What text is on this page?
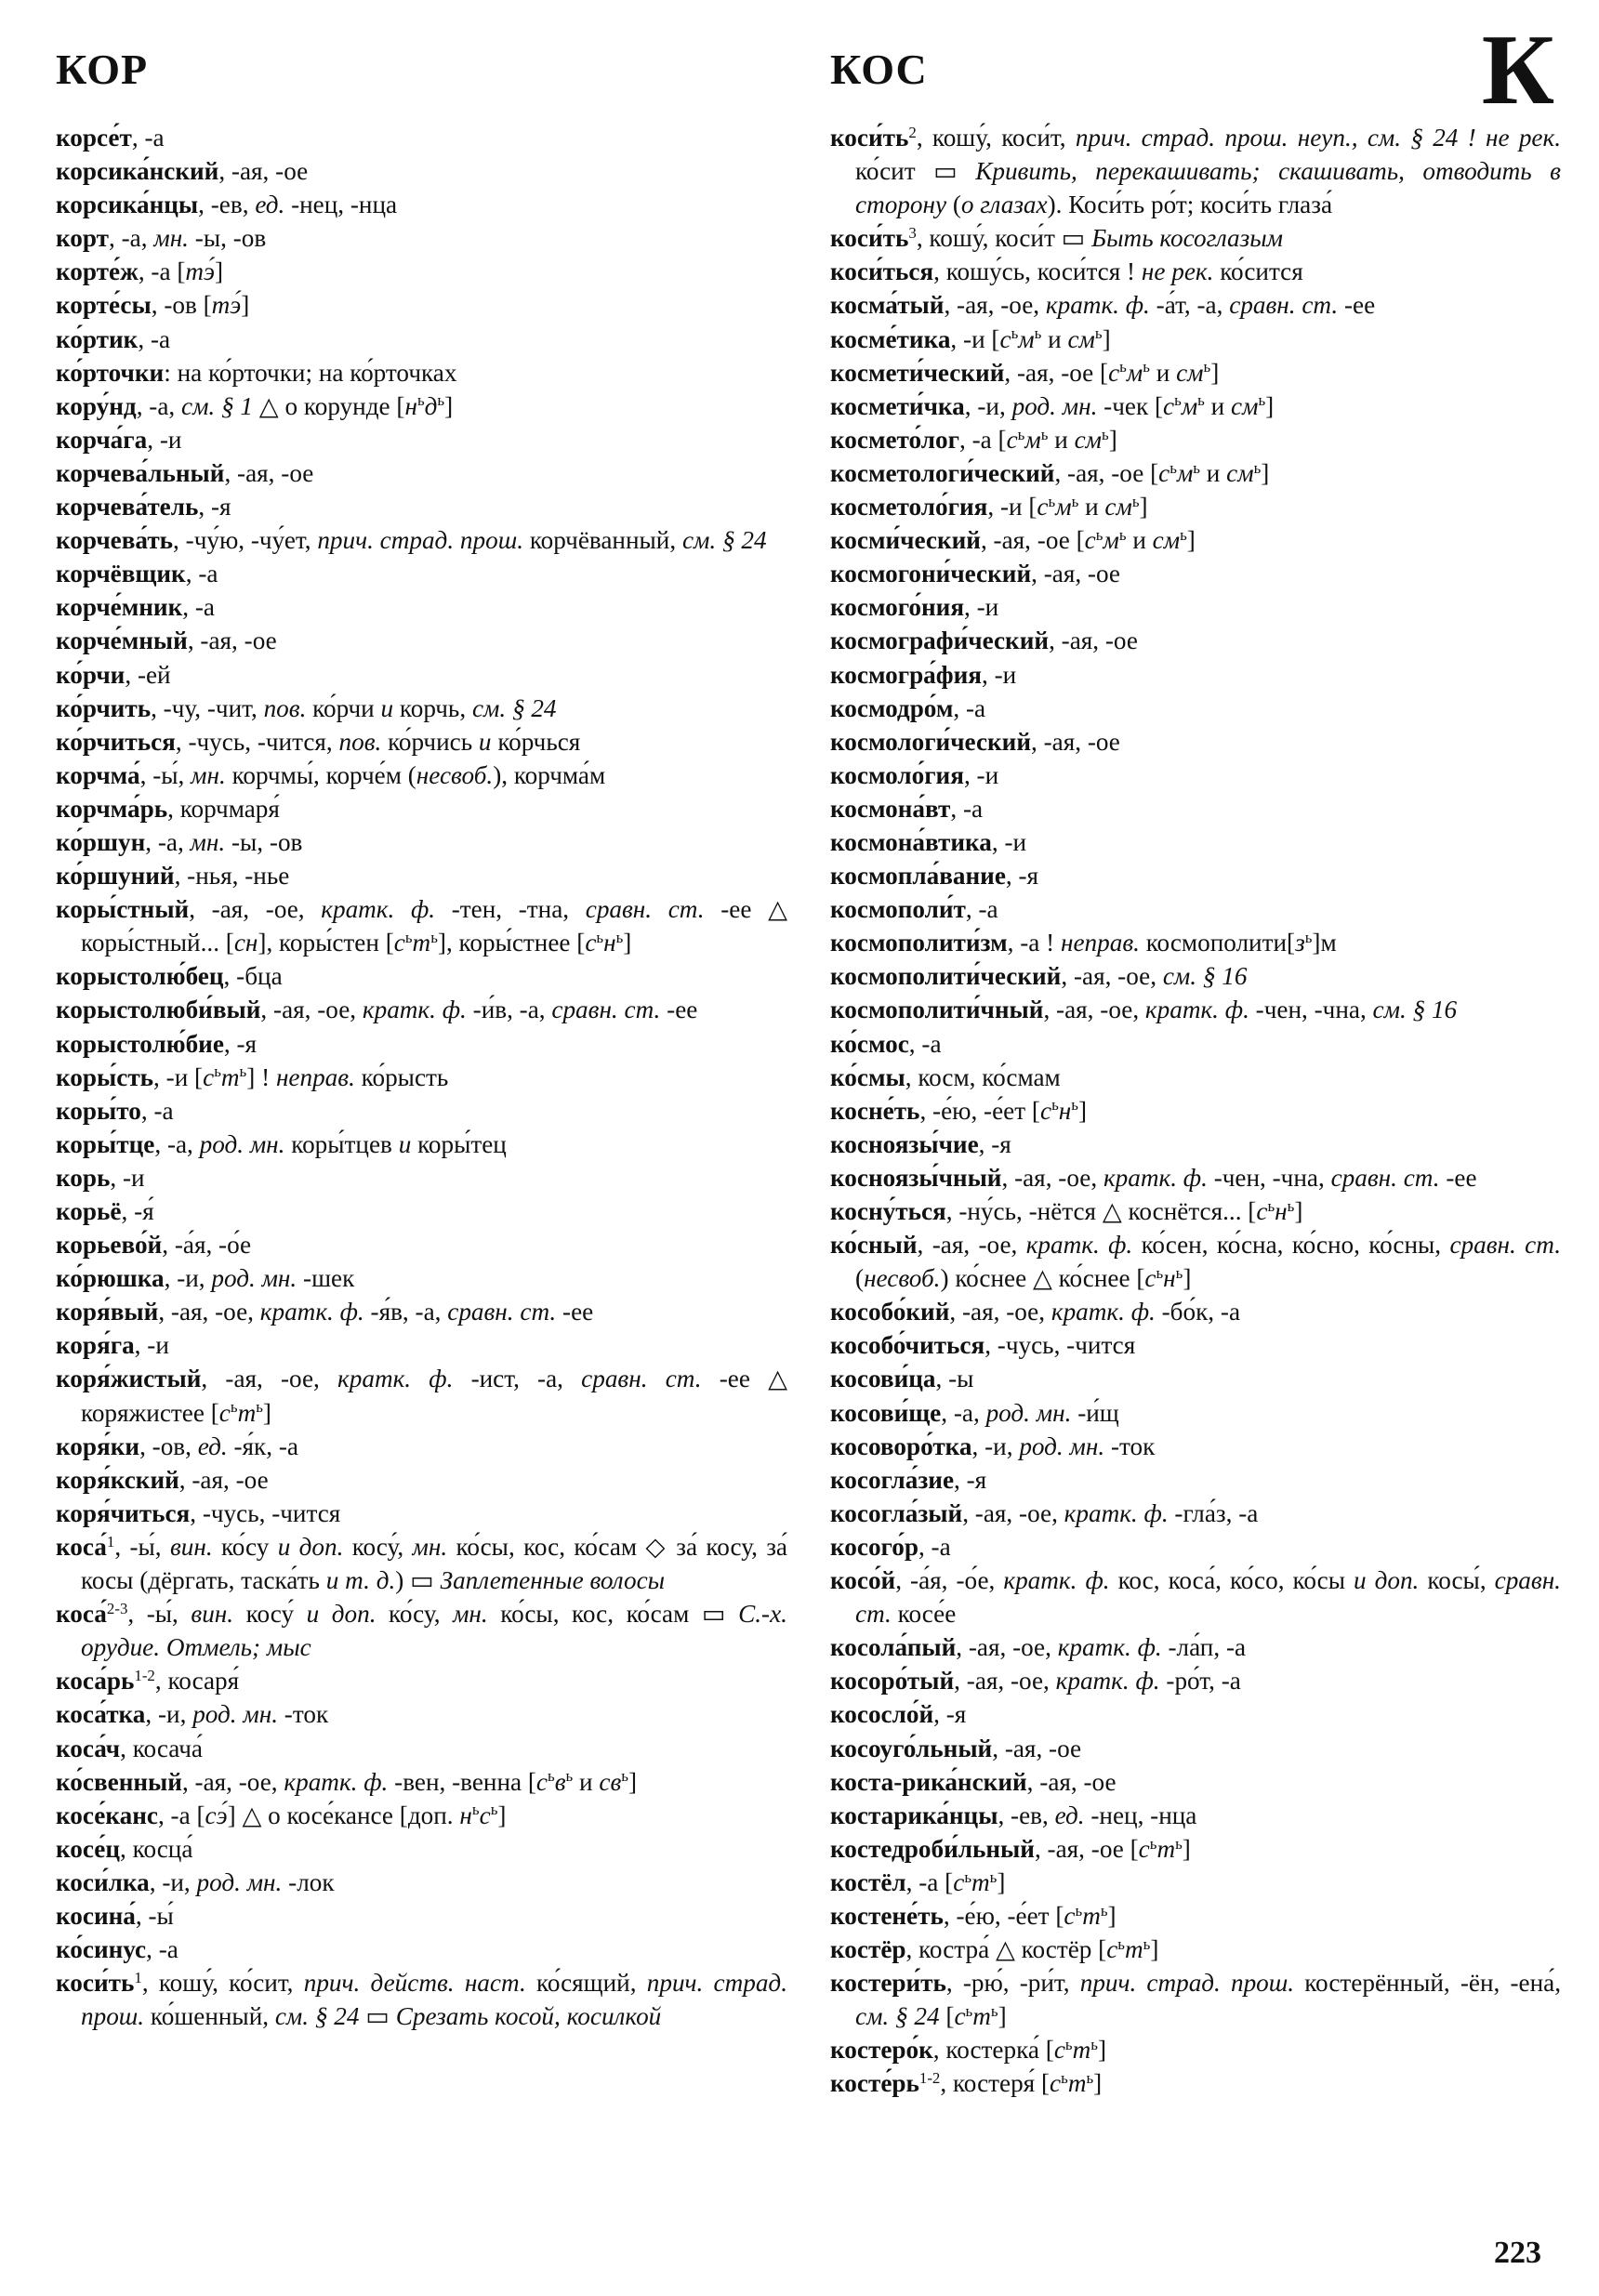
КОР	КОС	К

корсе́т, -а

корсика́нский, -ая, -ое

корсика́нцы, -ев, ед. -нец, -нца

корт, -а, мн. -ы, -ов

корте́ж, -а [тэ́]

корте́сы, -ов [тэ́]

ко́ртик, -а

ко́рточки: на ко́рточки; на ко́рточках

кору́нд, -а, см. § 1 △ о корунде $[н^ьд^ь]$

корча́га, -и

корчева́льный, -ая, -ое

корчева́тель, -я

корчева́ть, -чу́ю, -чу́ет, прич. страд. прош. корчёванный, см. § 24

корчёвщик, -а

корче́мник, -а

корче́мный, -ая, -ое

ко́рчи, -ей

ко́рчить, -чу, -чит, пов. ко́рчи и корчь, см. § 24

ко́рчиться, -чусь, -чится, пов. ко́рчись и ко́рчься

корчма́, -ы́, мн. корчмы́, корче́м (несвоб.), корчма́м

корчма́рь, корчмаря́

ко́ршун, -а, мн. -ы, -ов

ко́ршуний, -нья, -нье

коры́стный, -ая, -ое, кратк. ф. -тен, -тна, сравн. ст. -ее △ коры́стный... [сн], коры́стен $[с^ьт^ь]$, коры́стнее $[с^ьн^ь]$

корыстолю́бец, -бца

корыстолюби́вый, -ая, -ое, кратк. ф. -и́в, -а, сравн. ст. -ее

корыстолю́бие, -я

коры́сть, -и $[с^ьт^ь]$ ! неправ. ко́рысть

коры́то, -а

коры́тце, -а, род. мн. коры́тцев и коры́тец

корь, -и

корьё, -я́

корьево́й, -а́я, -о́е

ко́рюшка, -и, род. мн. -шек

коря́вый, -ая, -ое, кратк. ф. -я́в, -а, сравн. ст. -ее

коря́га, -и

коря́жистый, -ая, -ое, кратк. ф. -ист, -а, сравн. ст. -ее △ коряжистее $[с^ьт^ь]$

коря́ки, -ов, ед. -я́к, -а

коря́кский, -ая, -ое

коря́читься, -чусь, -чится

коса́$^1$, -ы́, вин. ко́су и доп. косу́, мн. ко́сы, кос, ко́сам ◇ за́ косу, за́ косы (дёргать, таска́ть и т. д.) ▭ Заплетенные волосы

коса́$^{2-3}$, -ы́, вин. косу́ и доп. ко́су, мн. ко́сы, кос, ко́сам ▭ С.-х. орудие. Отмель; мыс

$коса́рь^{1-2}$, косаря́

коса́тка, -и, род. мн. -ток

коса́ч, косача́

ко́свенный, -ая, -ое, кратк. ф. -вен, -венна [$с^ьв^ь$ и $св^ь$]

косе́канс, -а [сэ́] △ о косе́кансе [доп. $н^ьс^ь$]

косе́ц, косца́

коси́лка, -и, род. мн. -лок

косина́, -ы́

ко́синус, -а

$коси́ть^1$, кошу́, ко́сит, прич. действ. наст. ко́сящий, прич. страд. прош. ко́шенный, см. § 24 ▭ Срезать косой, косилкой

$коси́ть^2$, кошу́, коси́т, прич. страд. прош. неуп., см. § 24 ! не рек. ко́сит ▭ Кривить, перекашивать; скашивать, отводить в сторону (о глазах). Коси́ть ро́т; коси́ть глаза́

$коси́ть^3$, кошу́, коси́т ▭ Быть косоглазым

коси́ться, кошу́сь, коси́тся ! не рек. ко́сится

косма́тый, -ая, -ое, кратк. ф. -а́т, -а, сравн. ст. -ее

косме́тика, -и [$с^ьм^ь$ и $см^ь$]

космети́ческий, -ая, -ое [$с^ьм^ь$ и $см^ь$]

космети́чка, -и, род. мн. -чек [$с^ьм^ь$ и $см^ь$]

космето́лог, -а [$с^ьм^ь$ и $см^ь$]

косметологи́ческий, -ая, -ое [$с^ьм^ь$ и $см^ь$]

косметоло́гия, -и [$с^ьм^ь$ и $см^ь$]

косми́ческий, -ая, -ое [$с^ьм^ь$ и $см^ь$]

космогони́ческий, -ая, -ое

космого́ния, -и

космографи́ческий, -ая, -ое

космогра́фия, -и

космодро́м, -а

космологи́ческий, -ая, -ое

космоло́гия, -и

космона́вт, -а

космона́втика, -и

космопла́вание, -я

космополи́т, -а

космополити́зм, -а ! неправ. $космополити[з^ь]м$

космополити́ческий, -ая, -ое, см. § 16

космополити́чный, -ая, -ое, кратк. ф. -чен, -чна, см. § 16

ко́смос, -а

ко́смы, косм, ко́смам

косне́ть, -е́ю, -е́ет $[с^ьн^ь]$

косноязы́чие, -я

косноязы́чный, -ая, -ое, кратк. ф. -чен, -чна, сравн. ст. -ее

косну́ться, -ну́сь, -нётся △ коснётся... $[с^ьн^ь]$

ко́сный, -ая, -ое, кратк. ф. ко́сен, ко́сна, ко́сно, ко́сны, сравн. ст. (несвоб.) ко́снее △ ко́снее $[с^ьн^ь]$

кособо́кий, -ая, -ое, кратк. ф. -бо́к, -а

кособо́читься, -чусь, -чится

косови́ца, -ы

косови́ще, -а, род. мн. -и́щ

косоворо́тка, -и, род. мн. -ток

косогла́зие, -я

косогла́зый, -ая, -ое, кратк. ф. -гла́з, -а

косого́р, -а

косо́й, -а́я, -о́е, кратк. ф. кос, коса́, ко́со, ко́сы и доп. косы́, сравн. ст. косе́е

косола́пый, -ая, -ое, кратк. ф. -ла́п, -а

косоро́тый, -ая, -ое, кратк. ф. -ро́т, -а

кососло́й, -я

косоуго́льный, -ая, -ое

коста-рика́нский, -ая, -ое

костарика́нцы, -ев, ед. -нец, -нца

костедроби́льный, -ая, -ое $[с^ьт^ь]$

костёл, -а $[с^ьт^ь]$

костене́ть, -е́ю, -е́ет $[с^ьт^ь]$

костёр, костра́ △ костёр $[с^ьт^ь]$

костери́ть, -рю́, -ри́т, прич. страд. прош. костерённый, -ён, -ена́, см. § 24 $[с^ьт^ь]$

костеро́к, костерка́ $[с^ьт^ь]$

$косте́рь^{1-2}$, костеря́ $[с^ьт^ь]$

223
